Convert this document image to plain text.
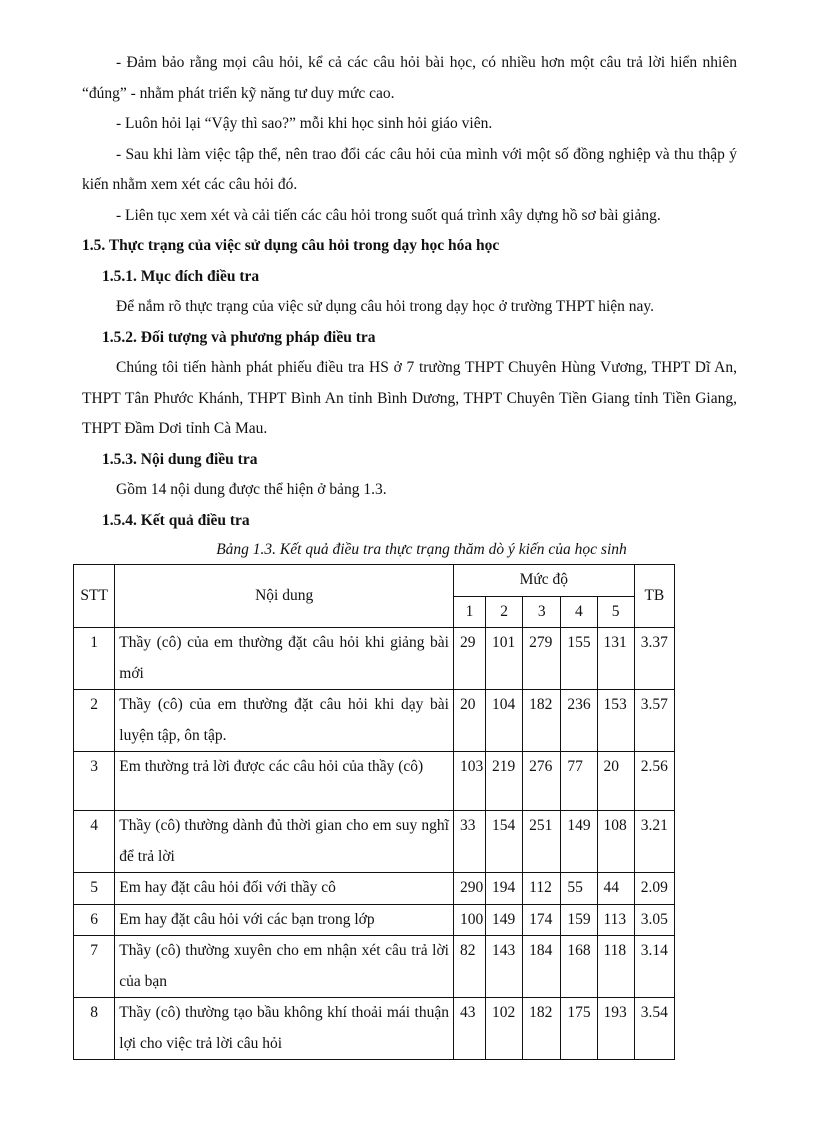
- Đảm bảo rằng mọi câu hỏi, kể cả các câu hỏi bài học, có nhiều hơn một câu trả lời hiển nhiên “đúng” - nhằm phát triển kỹ năng tư duy mức cao.

- Luôn hỏi lại “Vậy thì sao?” mỗi khi học sinh hỏi giáo viên.

- Sau khi làm việc tập thể, nên trao đổi các câu hỏi của mình với một số đồng nghiệp và thu thập ý kiến nhằm xem xét các câu hỏi đó.

- Liên tục xem xét và cải tiến các câu hỏi trong suốt quá trình xây dựng hồ sơ bài giảng.

1.5. Thực trạng của việc sử dụng câu hỏi trong dạy học hóa học

1.5.1. Mục đích điều tra

Để nắm rõ thực trạng của việc sử dụng câu hỏi trong dạy học ở trường THPT hiện nay.

1.5.2. Đối tượng và phương pháp điều tra

Chúng tôi tiến hành phát phiếu điều tra HS ở 7 trường THPT Chuyên Hùng Vương, THPT Dĩ An, THPT Tân Phước Khánh, THPT Bình An tỉnh Bình Dương, THPT Chuyên Tiền Giang tỉnh Tiền Giang, THPT Đầm Dơi tỉnh Cà Mau.

1.5.3. Nội dung điều tra

Gồm 14 nội dung được thể hiện ở bảng 1.3.

1.5.4. Kết quả điều tra

Bảng 1.3. Kết quả điều tra thực trạng thăm dò ý kiến của học sinh

STT	Nội dung	Mức độ					TB
		1	2	3	4	5	
1	Thầy (cô) của em thường đặt câu hỏi khi giảng bài mới	29	101	279	155	131	3.37
2	Thầy (cô) của em thường đặt câu hỏi khi dạy bài luyện tập, ôn tập.	20	104	182	236	153	3.57
3	Em thường trả lời được các câu hỏi của thầy (cô)	103	219	276	77	20	2.56
4	Thầy (cô) thường dành đủ thời gian cho em suy nghĩ để trả lời	33	154	251	149	108	3.21
5	Em hay đặt câu hỏi đối với thầy cô	290	194	112	55	44	2.09
6	Em hay đặt câu hỏi với các bạn trong lớp	100	149	174	159	113	3.05
7	Thầy (cô) thường xuyên cho em nhận xét câu trả lời của bạn	82	143	184	168	118	3.14
8	Thầy (cô) thường tạo bầu không khí thoải mái thuận lợi cho việc trả lời câu hỏi	43	102	182	175	193	3.54
